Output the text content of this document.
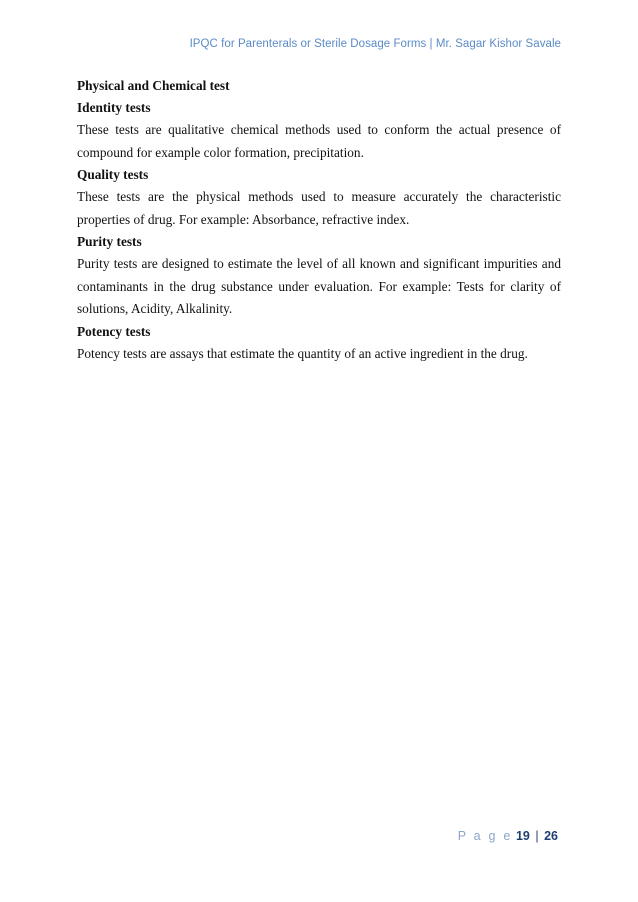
IPQC for Parenterals or Sterile Dosage Forms | Mr. Sagar Kishor Savale

Physical and Chemical test

Identity tests

These tests are qualitative chemical methods used to conform the actual presence of compound for example color formation, precipitation.

Quality tests

These tests are the physical methods used to measure accurately the characteristic properties of drug. For example: Absorbance, refractive index.

Purity tests

Purity tests are designed to estimate the level of all known and significant impurities and contaminants in the drug substance under evaluation. For example: Tests for clarity of solutions, Acidity, Alkalinity.

Potency tests

Potency tests are assays that estimate the quantity of an active ingredient in the drug.

P a g e 19 | 26
